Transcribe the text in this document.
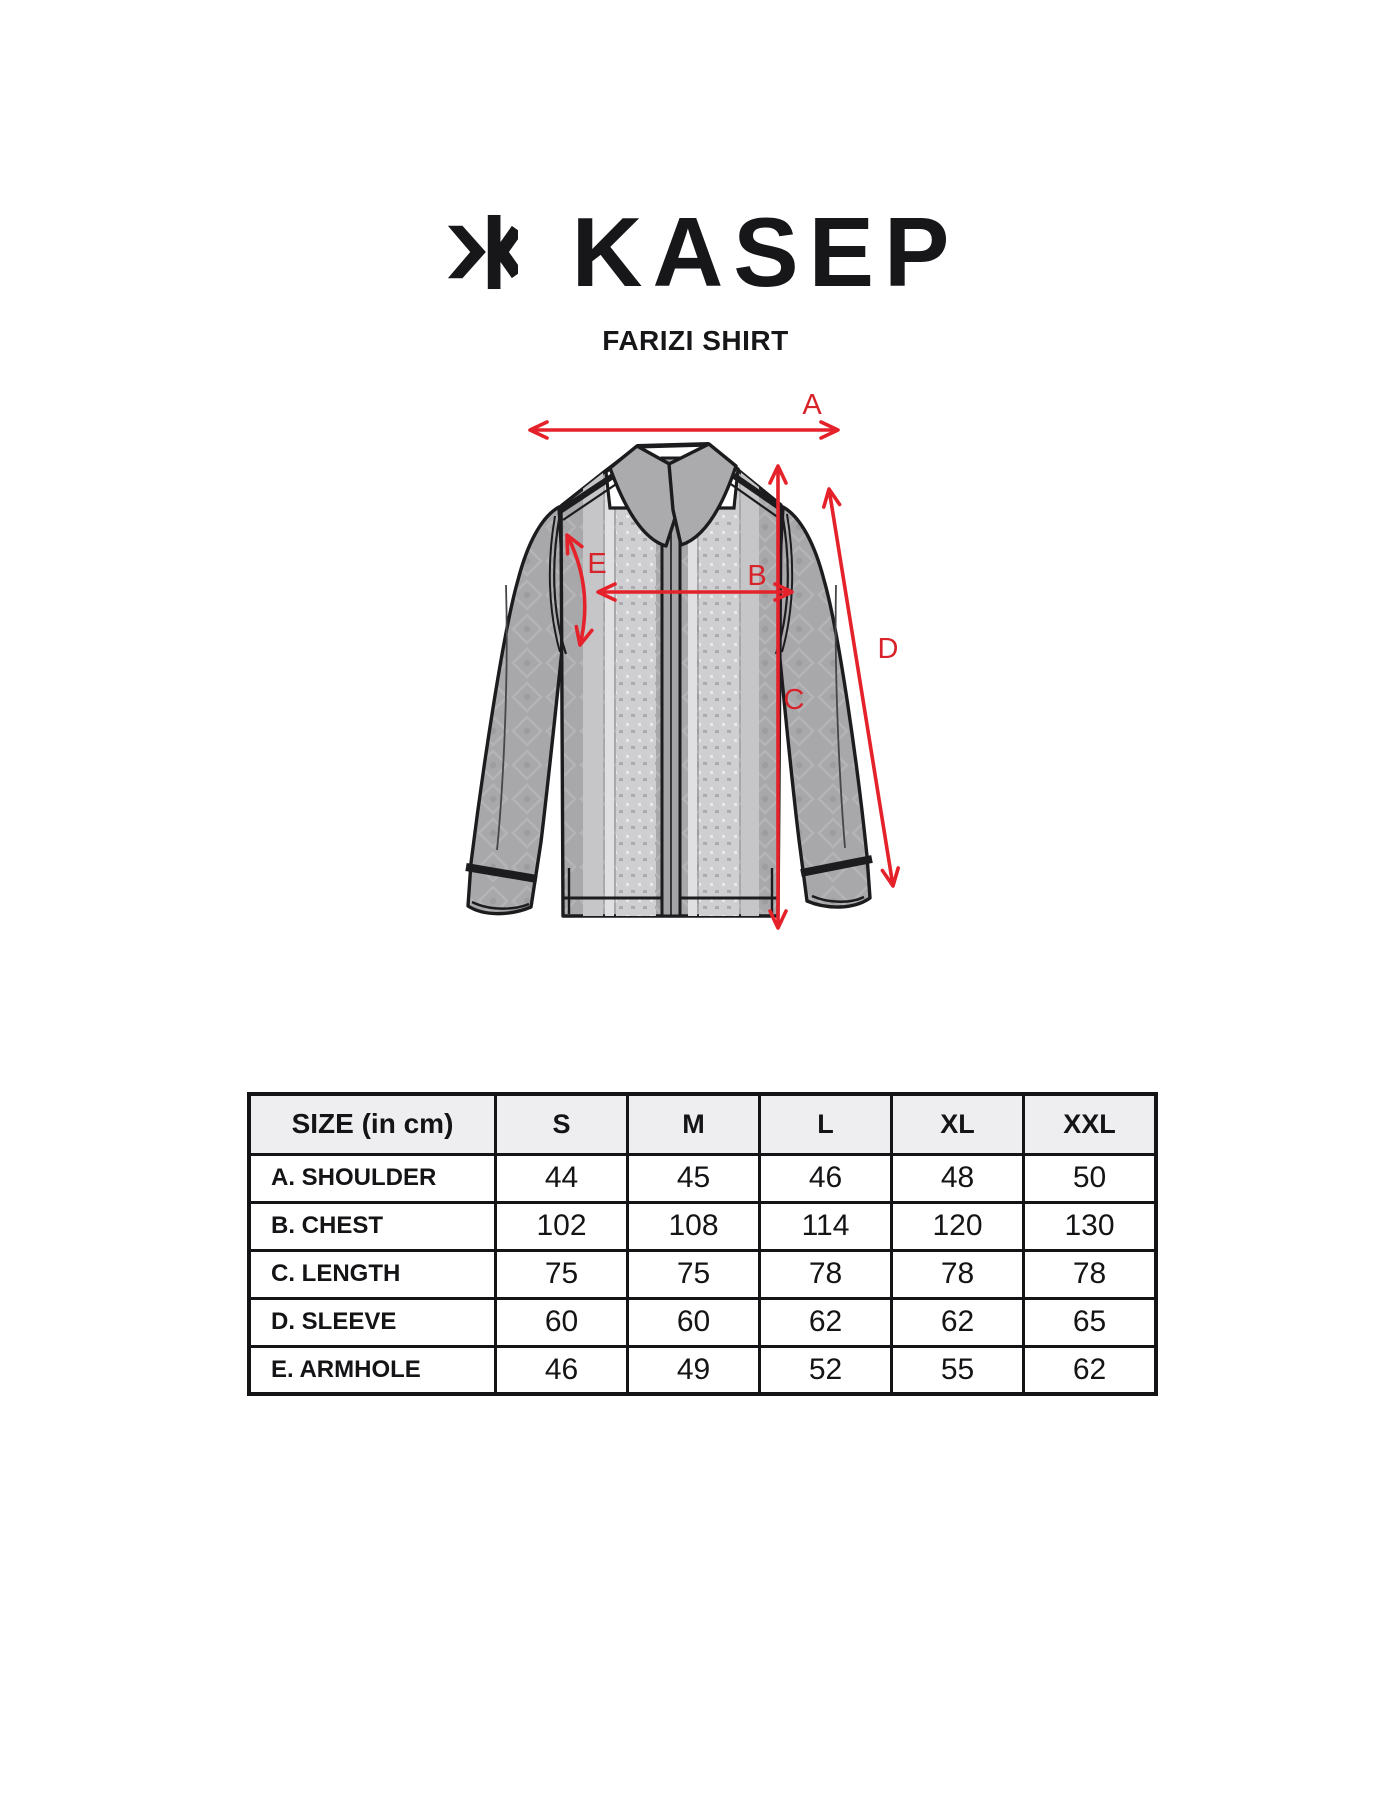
KASEP
FARIZI SHIRT
A
B
C
D
E
SIZE (in cm)	S	M	L	XL	XXL
A. SHOULDER	44	45	46	48	50
B. CHEST	102	108	114	120	130
C. LENGTH	75	75	78	78	78
D. SLEEVE	60	60	62	62	65
E. ARMHOLE	46	49	52	55	62
